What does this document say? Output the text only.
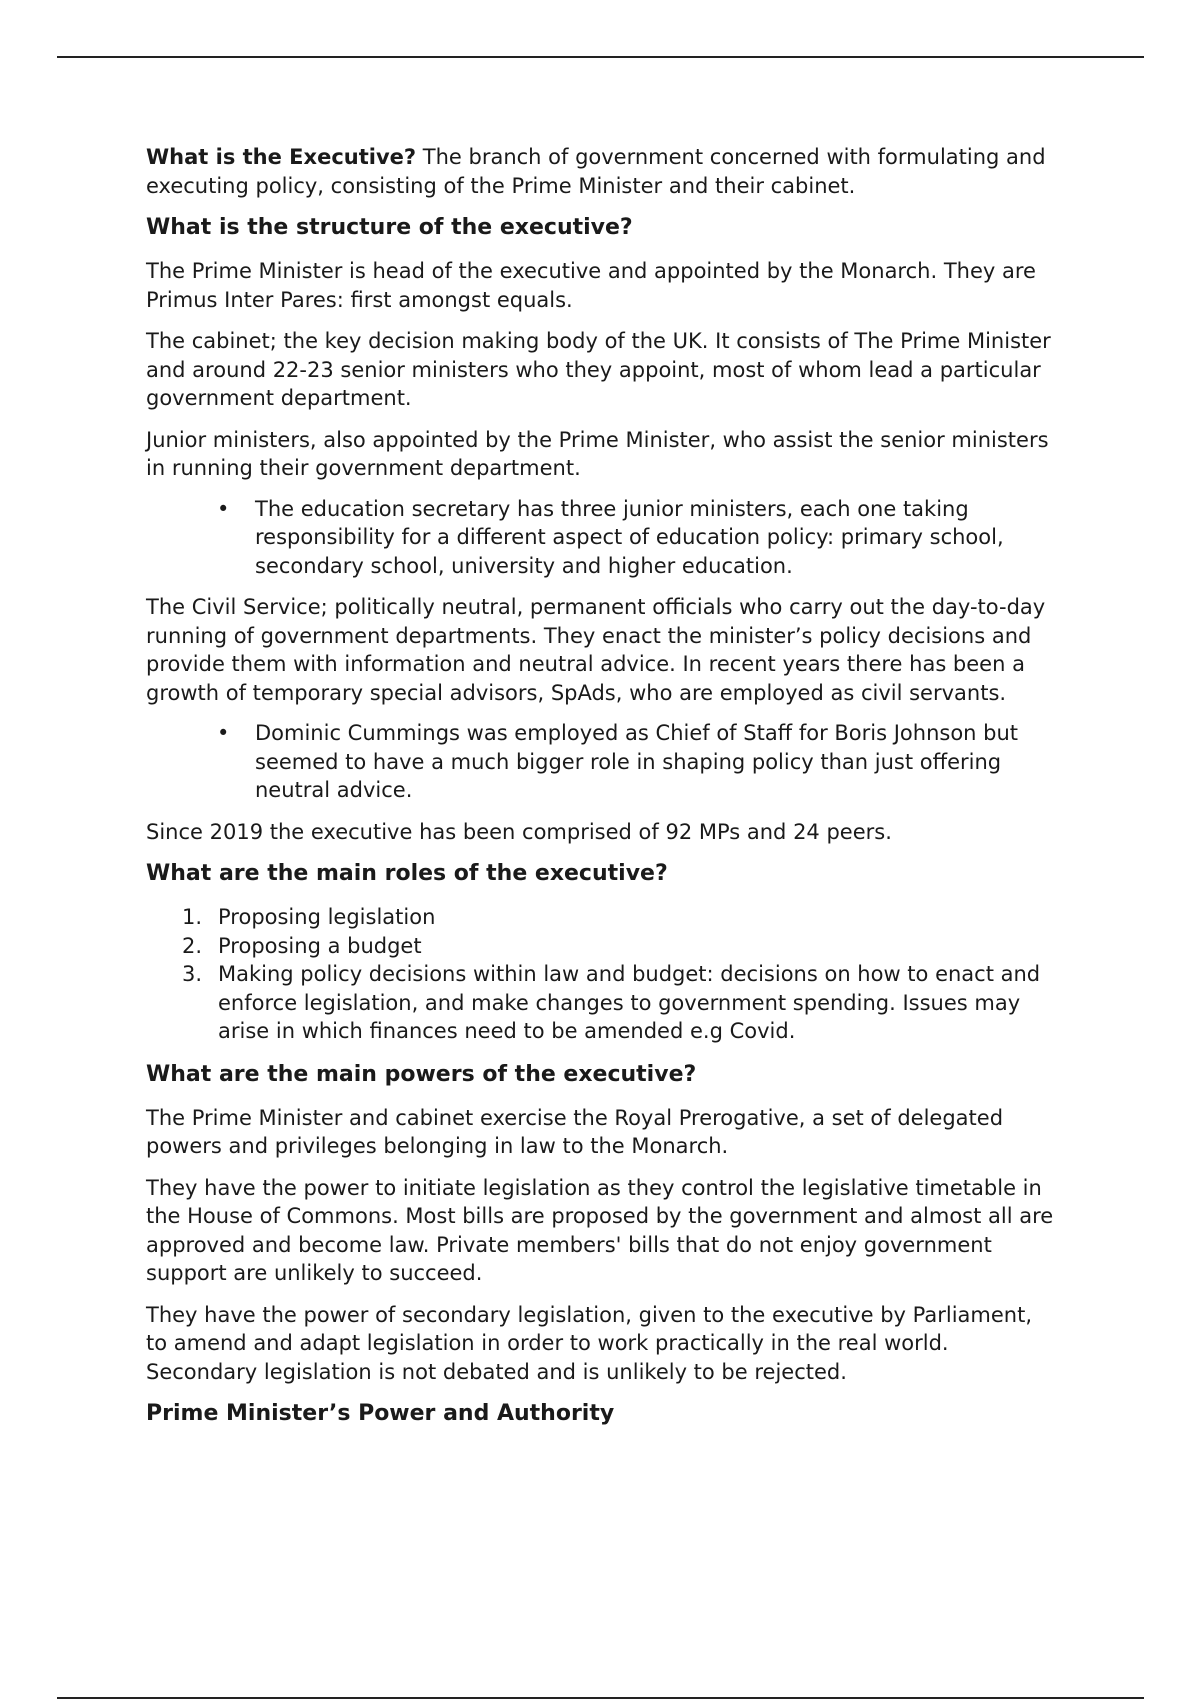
What is the Executive? The branch of government concerned with formulating and executing policy, consisting of the Prime Minister and their cabinet.

What is the structure of the executive?

The Prime Minister is head of the executive and appointed by the Monarch. They are Primus Inter Pares: first amongst equals.

The cabinet; the key decision making body of the UK. It consists of The Prime Minister and around 22-23 senior ministers who they appoint, most of whom lead a particular government department.

Junior ministers, also appointed by the Prime Minister, who assist the senior ministers in running their government department.

• The education secretary has three junior ministers, each one taking responsibility for a different aspect of education policy: primary school, secondary school, university and higher education.

The Civil Service; politically neutral, permanent officials who carry out the day-to-day running of government departments. They enact the minister’s policy decisions and provide them with information and neutral advice. In recent years there has been a growth of temporary special advisors, SpAds, who are employed as civil servants.

• Dominic Cummings was employed as Chief of Staff for Boris Johnson but seemed to have a much bigger role in shaping policy than just offering neutral advice.

Since 2019 the executive has been comprised of 92 MPs and 24 peers.

What are the main roles of the executive?
1. Proposing legislation
2. Proposing a budget
3. Making policy decisions within law and budget: decisions on how to enact and enforce legislation, and make changes to government spending. Issues may arise in which finances need to be amended e.g Covid.
What are the main powers of the executive?

The Prime Minister and cabinet exercise the Royal Prerogative, a set of delegated powers and privileges belonging in law to the Monarch.

They have the power to initiate legislation as they control the legislative timetable in the House of Commons. Most bills are proposed by the government and almost all are approved and become law. Private members' bills that do not enjoy government support are unlikely to succeed.

They have the power of secondary legislation, given to the executive by Parliament, to amend and adapt legislation in order to work practically in the real world. Secondary legislation is not debated and is unlikely to be rejected.

Prime Minister’s Power and Authority
